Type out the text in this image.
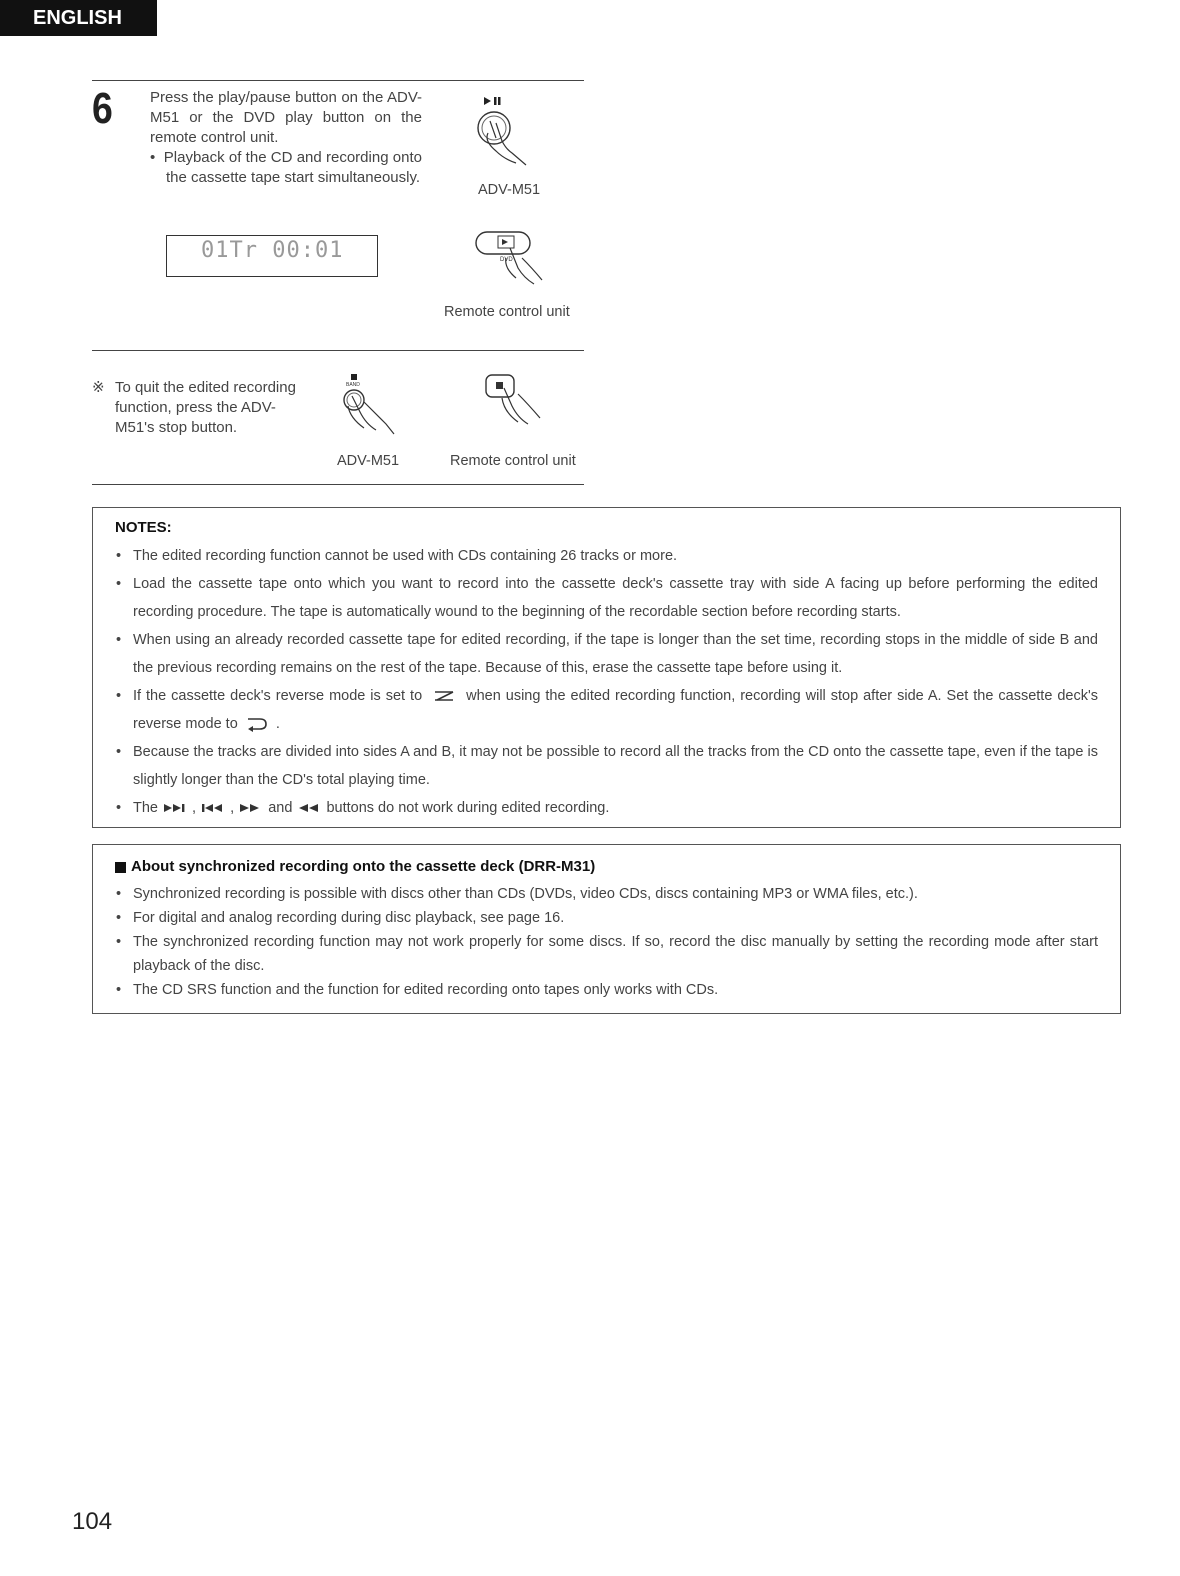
ENGLISH
6 Press the play/pause button on the ADV-M51 or the DVD play button on the remote control unit.
•  Playback of the CD and recording onto the cassette tape start simultaneously.
ADV-M51
01Tr 00:01	DVD
Remote control unit
※ To quit the edited recording function, press the ADV-M51's stop button.
BAND
ADV-M51	Remote control unit
NOTES:
• The edited recording function cannot be used with CDs containing 26 tracks or more.
• Load the cassette tape onto which you want to record into the cassette deck's cassette tray with side A facing up before performing the edited recording procedure. The tape is automatically wound to the beginning of the recordable section before recording starts.
• When using an already recorded cassette tape for edited recording, if the tape is longer than the set time, recording stops in the middle of side B and the previous recording remains on the rest of the tape. Because of this, erase the cassette tape before using it.
• If the cassette deck's reverse mode is set to	when using the edited recording function, recording will stop after side A. Set the cassette deck's reverse mode to	.
• Because the tracks are divided into sides A and B, it may not be possible to record all the tracks from the CD onto the cassette tape, even if the tape is slightly longer than the CD's total playing time.
• The , ,  and buttons do not work during edited recording.
About synchronized recording onto the cassette deck (DRR-M31)
• Synchronized recording is possible with discs other than CDs (DVDs, video CDs, discs containing MP3 or WMA files, etc.).
• For digital and analog recording during disc playback, see page 16.
• The synchronized recording function may not work properly for some discs. If so, record the disc manually by setting the recording mode after start playback of the disc.
• The CD SRS function and the function for edited recording onto tapes only works with CDs.
104
